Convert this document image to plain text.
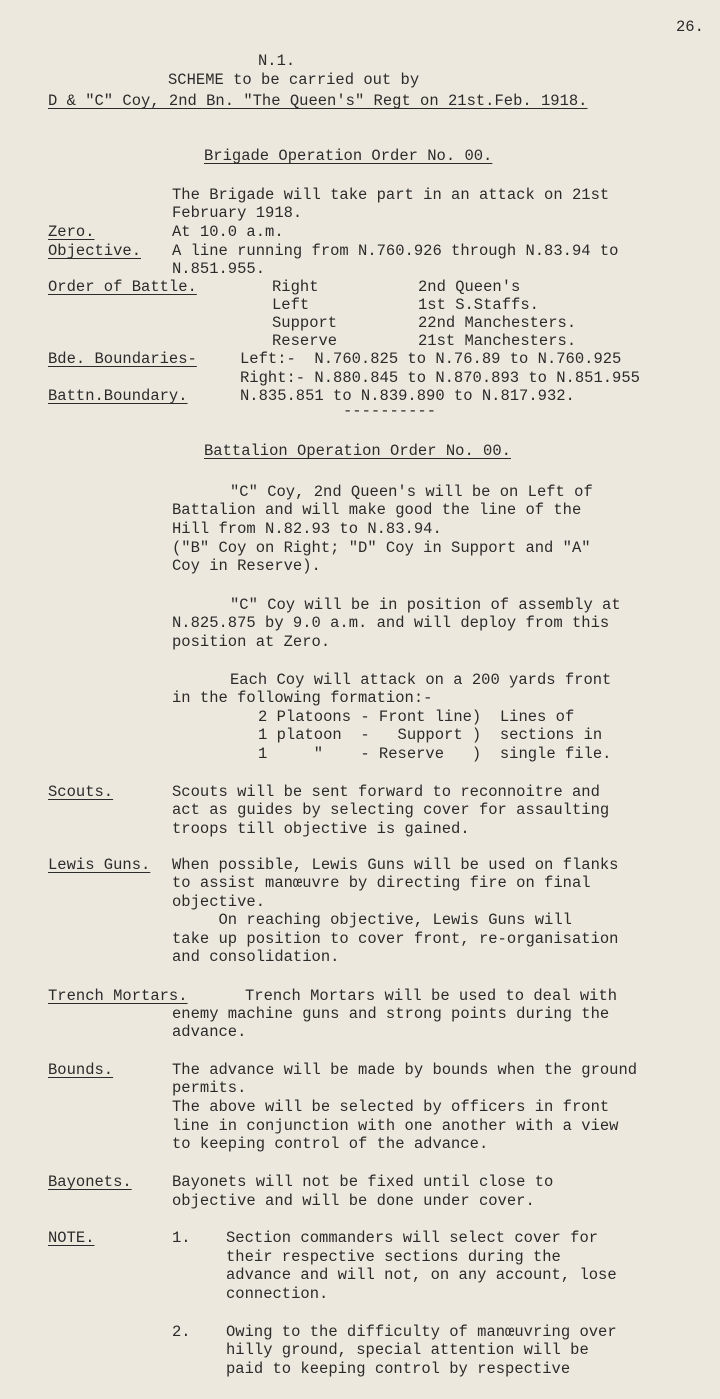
26.
N.1.
SCHEME to be carried out by
D & "C" Coy, 2nd Bn. "The Queen's" Regt on 21st.Feb. 1918.
Brigade Operation Order No. 00.
The Brigade will take part in an attack on 21st
February 1918.
Zero.	At 10.0 a.m.
Objective. A line running from N.760.926 through N.83.94 to
N.851.955.
Order of Battle.	Right	2nd Queen's
Left	1st S.Staffs.
Support	22nd Manchesters.
Reserve	21st Manchesters.
Bde. Boundaries-	Left:-  N.760.825 to N.76.89 to N.760.925
Right:- N.880.845 to N.870.893 to N.851.955
Battn.Boundary.	N.835.851 to N.839.890 to N.817.932.
----------
Battalion Operation Order No. 00.
"C" Coy, 2nd Queen's will be on Left of
Battalion and will make good the line of the
Hill from N.82.93 to N.83.94.
("B" Coy on Right; "D" Coy in Support and "A"
Coy in Reserve).
"C" Coy will be in position of assembly at
N.825.875 by 9.0 a.m. and will deploy from this
position at Zero.
Each Coy will attack on a 200 yards front
in the following formation:-
2 Platoons - Front line)  Lines of
1 platoon  -   Support )  sections in
1     "    - Reserve   )  single file.
Scouts.	Scouts will be sent forward to reconnoitre and
act as guides by selecting cover for assaulting
troops till objective is gained.
Lewis Guns. When possible, Lewis Guns will be used on flanks
to assist manœuvre by directing fire on final
objective.
On reaching objective, Lewis Guns will
take up position to cover front, re-organisation
and consolidation.
Trench Mortars.	Trench Mortars will be used to deal with
enemy machine guns and strong points during the
advance.
Bounds.	The advance will be made by bounds when the ground
permits.
The above will be selected by officers in front
line in conjunction with one another with a view
to keeping control of the advance.
Bayonets.	Bayonets will not be fixed until close to
objective and will be done under cover.
NOTE.	1. Section commanders will select cover for
their respective sections during the
advance and will not, on any account, lose
connection.
2. Owing to the difficulty of manœuvring over
hilly ground, special attention will be
paid to keeping control by respective
